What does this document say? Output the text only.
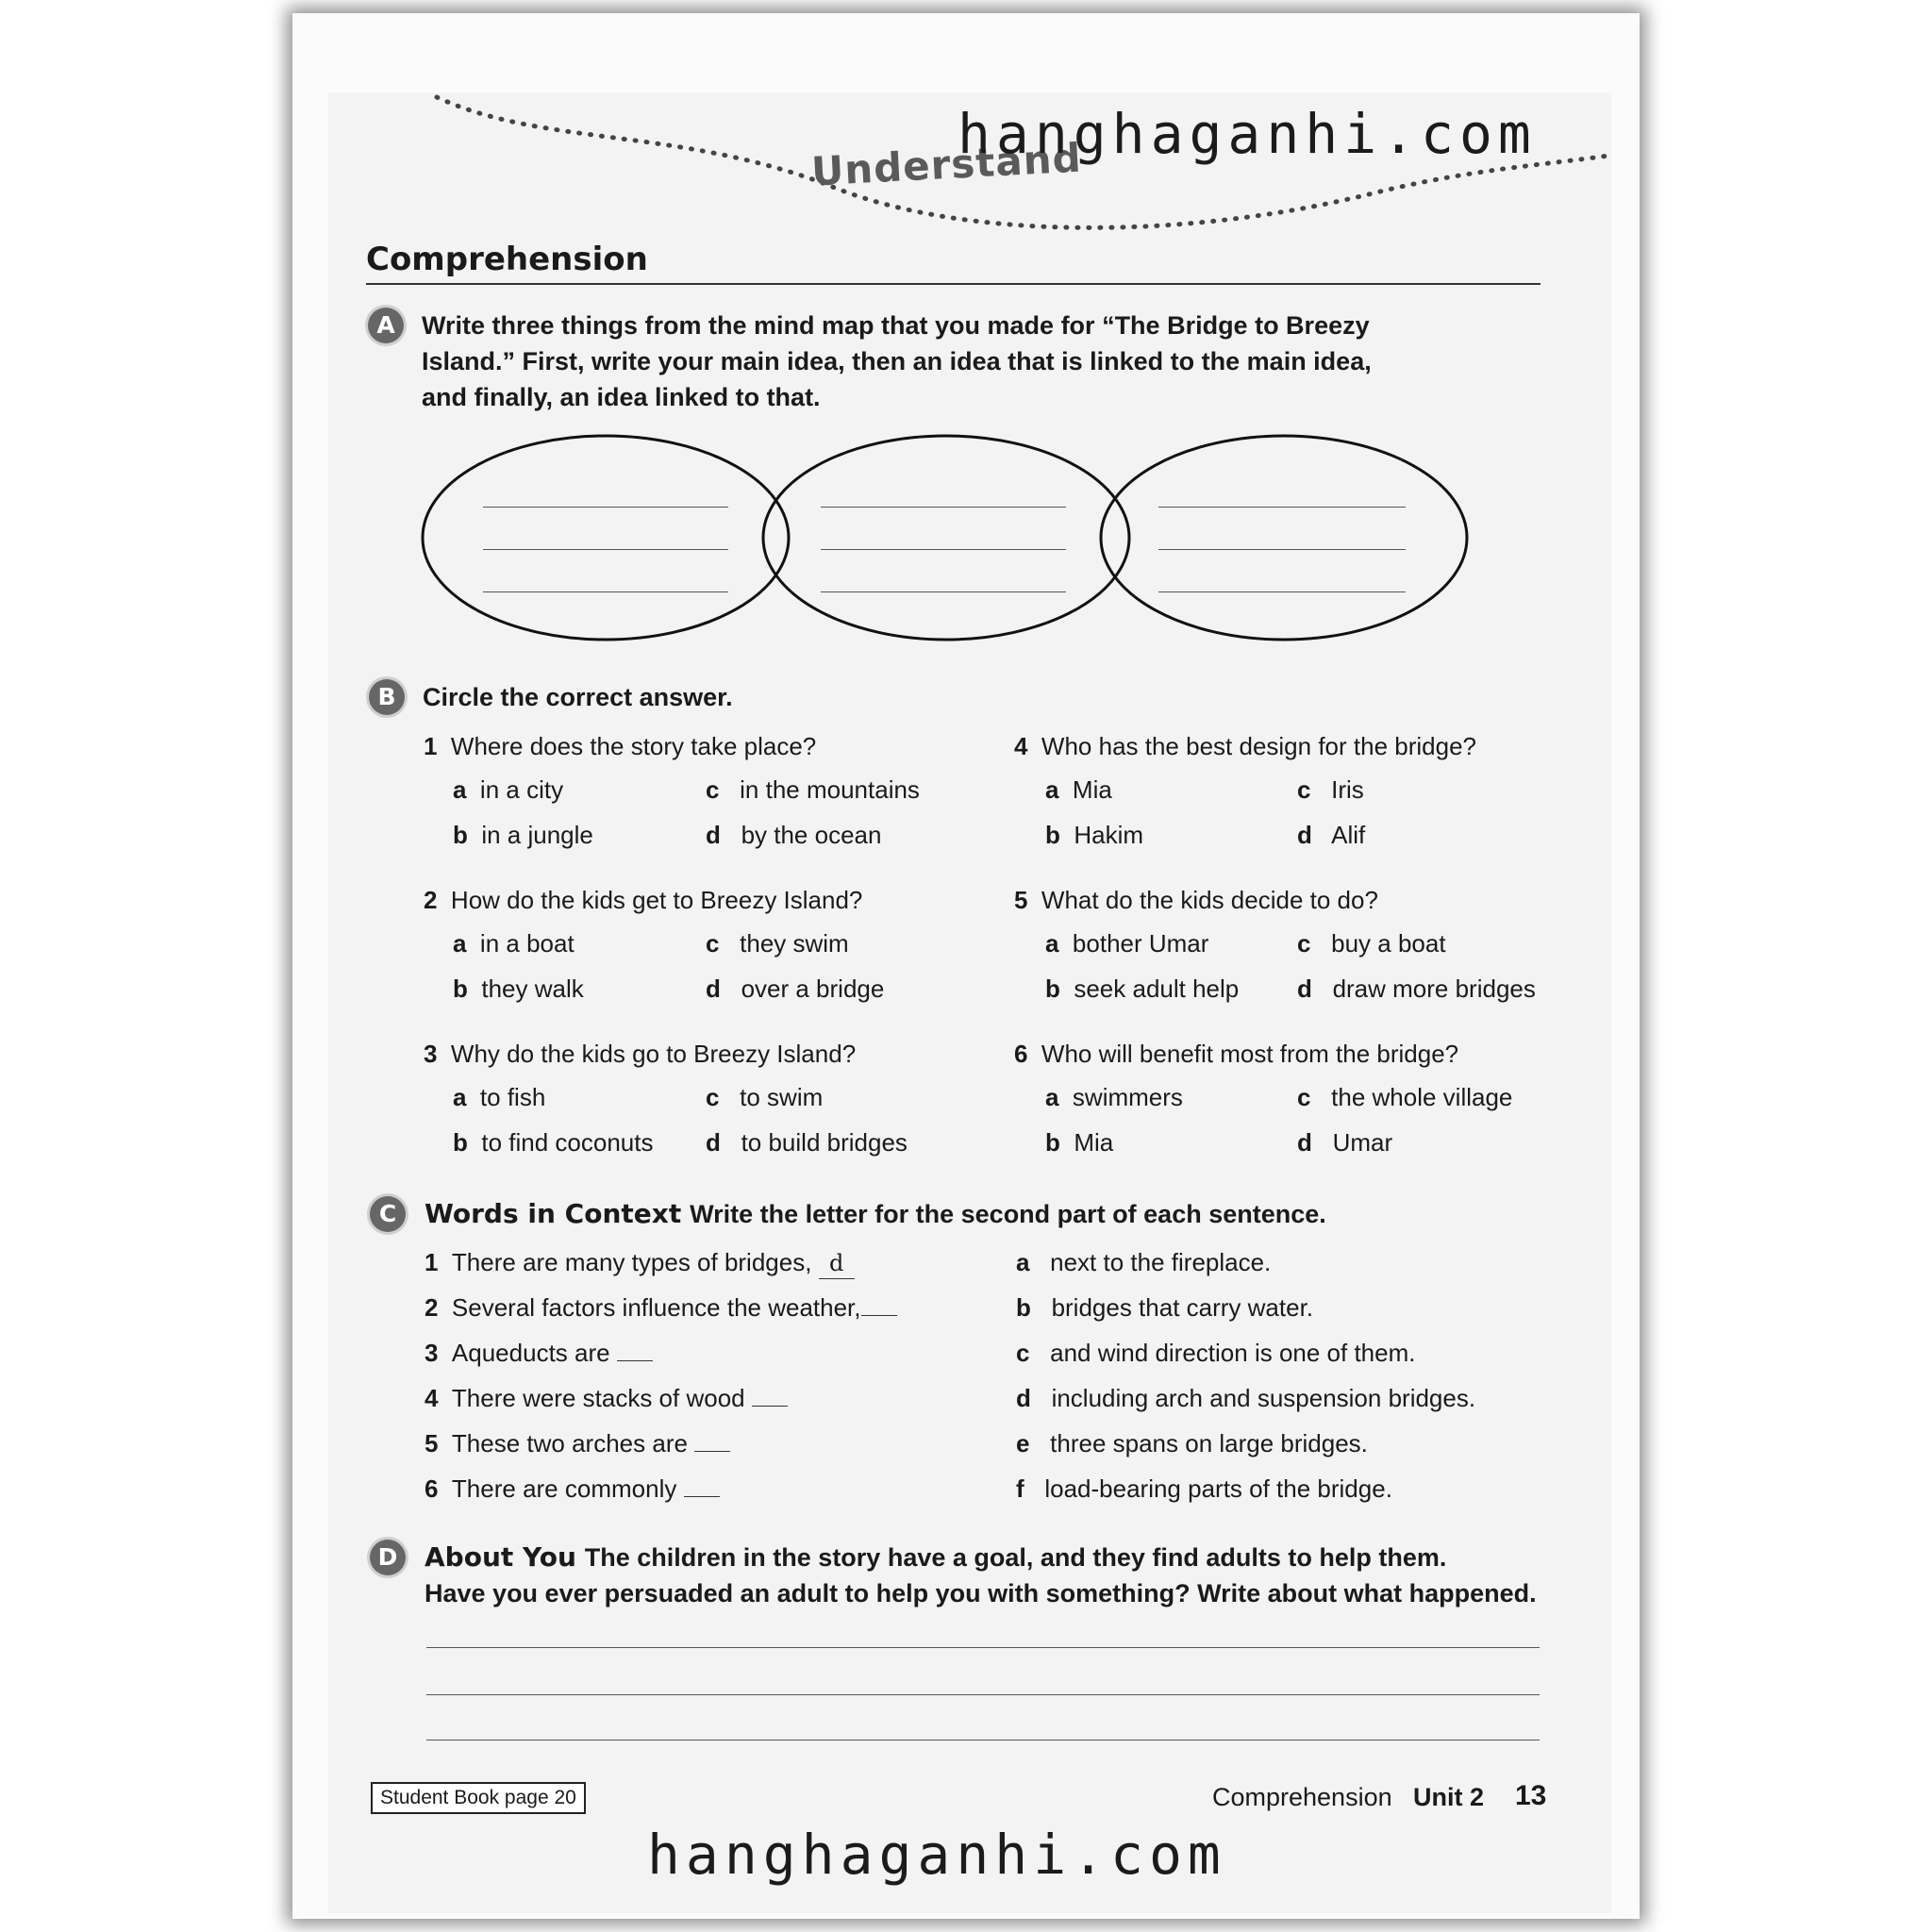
Understand
hanghaganhi.com
Comprehension
A	Write three things from the mind map that you made for “The Bridge to Breezy
Island.” First, write your main idea, then an idea that is linked to the main idea,
and finally, an idea linked to that.
B	Circle the correct answer.
1 Where does the story take place?
a in a city
b in a jungle
c in the mountains
d by the ocean
2 How do the kids get to Breezy Island?
a in a boat
b they walk
c they swim
d over a bridge
3 Why do the kids go to Breezy Island?
a to fish
b to find coconuts
c to swim
d to build bridges
4 Who has the best design for the bridge?
a Mia
b Hakim
c Iris
d Alif
5 What do the kids decide to do?
a bother Umar
b seek adult help
c buy a boat
d draw more bridges
6 Who will benefit most from the bridge?
a swimmers
b Mia
c the whole village
d Umar
C	Words in Context Write the letter for the second part of each sentence.
1 There are many types of bridges, d
2 Several factors influence the weather,
3 Aqueducts are
4 There were stacks of wood
5 These two arches are
6 There are commonly
a next to the fireplace.
b bridges that carry water.
c and wind direction is one of them.
d including arch and suspension bridges.
e three spans on large bridges.
f load-bearing parts of the bridge.
D	About You The children in the story have a goal, and they find adults to help them.
Have you ever persuaded an adult to help you with something? Write about what happened.
Student Book page 20	Comprehension Unit 2 13
hanghaganhi.com
